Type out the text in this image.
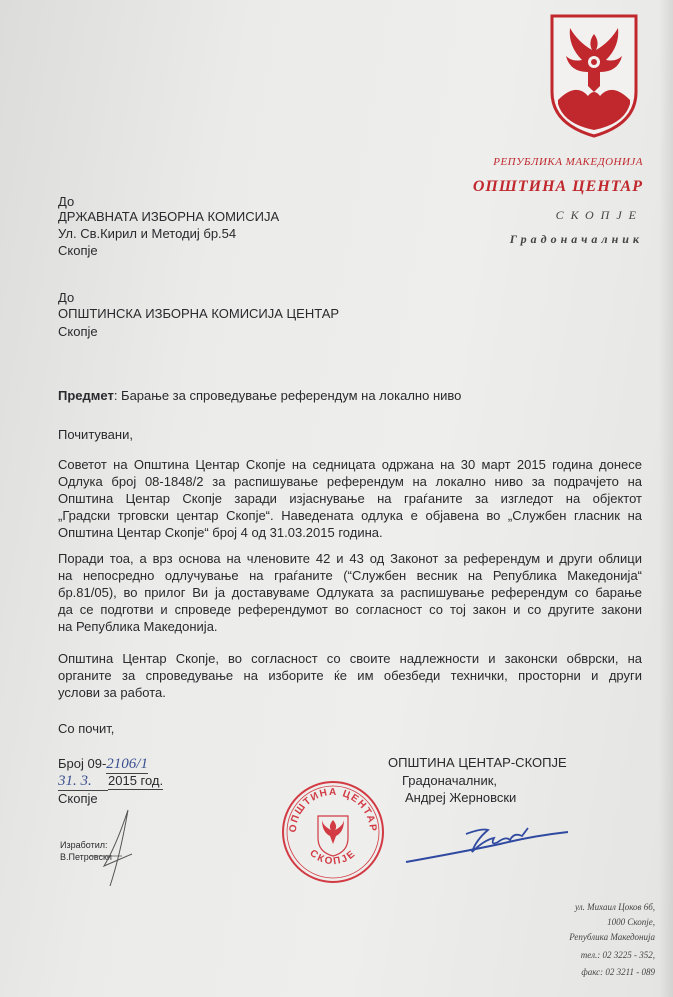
РЕПУБЛИКА МАКЕДОНИЈА
ОПШТИНА ЦЕНТАР
СКОПЈЕ
Градоначалник
До
ДРЖАВНАТА ИЗБОРНА КОМИСИЈА
Ул. Св.Кирил и Методиј бр.54
Скопје
До
ОПШТИНСКА ИЗБОРНА КОМИСИЈА ЦЕНТАР
Скопје
Предмет: Барање за спроведување референдум на локално ниво
Почитувани,
Советот на Општина Центар Скопје на седницата одржана на 30 март 2015 година донесе
Одлука број 08-1848/2 за распишување референдум на локално ниво за подрачјето на
Општина Центар Скопје заради изјаснување на граѓаните за изгледот на објектот
„Градски трговски центар Скопје“. Наведената одлука е објавена во „Службен гласник на
Општина Центар Скопје“ број 4 од 31.03.2015 година.
Поради тоа, а врз основа на членовите 42 и 43 од Законот за референдум и други облици
на непосредно одлучување на граѓаните (“Службен весник на Република Македонија“
бр.81/05), во прилог Ви ја доставуваме Одлуката за распишување референдум со барање
да се подготви и спроведе референдумот во согласност со тој закон и со другите закони
на Република Македонија.
Општина Центар Скопје, во согласност со своите надлежности и законски обврски, на
органите за спроведување на изборите ќе им обезбеди технички, просторни и други
услови за работа.
Со почит,
Број 09-2106/1
31. 3. 2015 год.
Скопје
ОПШТИНА ЦЕНТАР-СКОПЈЕ
Градоначалник,
Андреј Жерновски
Изработил:
В.Петровски
ОПШТИНА ЦЕНТАР
СКОПЈЕ
ул. Михаил Цоков 6б,
1000 Скопје,
Република Македонија
тел.: 02 3225 - 352,
факс: 02 3211 - 089
